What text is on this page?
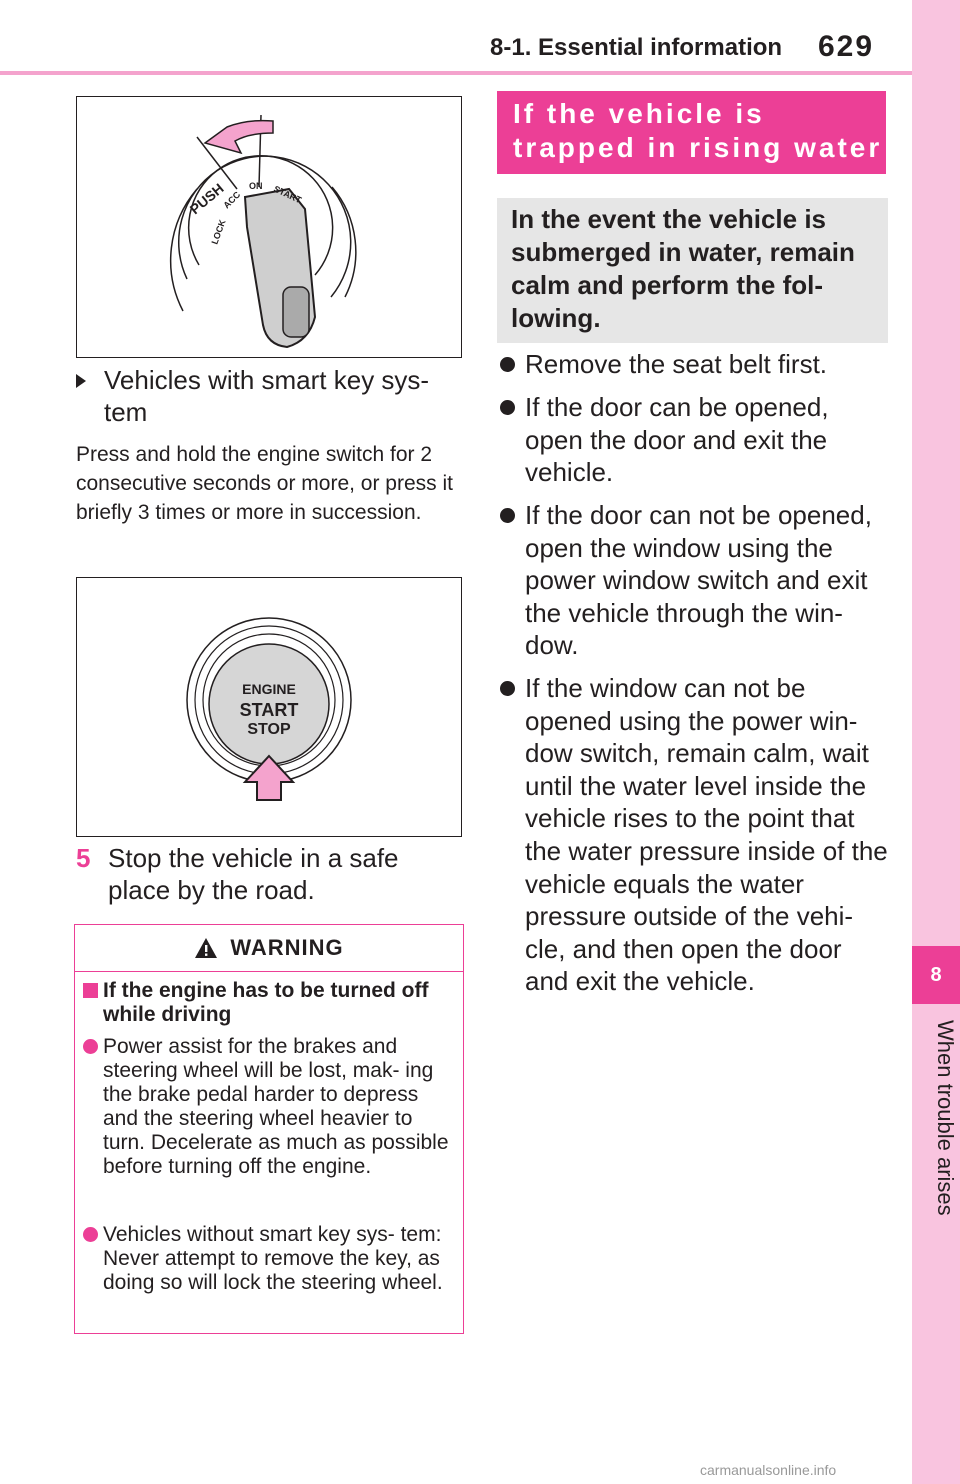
8-1. Essential information 629
8
When trouble arises
PUSH
LOCK
ACC
ON START
Vehicles with smart key sys- tem
Press and hold the engine switch for 2 consecutive seconds or more, or press it briefly 3 times or more in succession.
ENGINE
START
STOP
5 Stop the vehicle in a safe place by the road.
WARNING
If the engine has to be turned off while driving
Power assist for the brakes and steering wheel will be lost, mak- ing the brake pedal harder to depress and the steering wheel heavier to turn. Decelerate as much as possible before turning off the engine.
Vehicles without smart key sys- tem: Never attempt to remove the key, as doing so will lock the steering wheel.
If the vehicle is trapped in rising water
In the event the vehicle is submerged in water, remain calm and perform the fol- lowing.
Remove the seat belt first.
If the door can be opened, open the door and exit the vehicle.
If the door can not be opened, open the window using the power window switch and exit the vehicle through the win- dow.
If the window can not be opened using the power win- dow switch, remain calm, wait until the water level inside the vehicle rises to the point that the water pressure inside of the vehicle equals the water pressure outside of the vehi- cle, and then open the door and exit the vehicle.
carmanualsonline.info
